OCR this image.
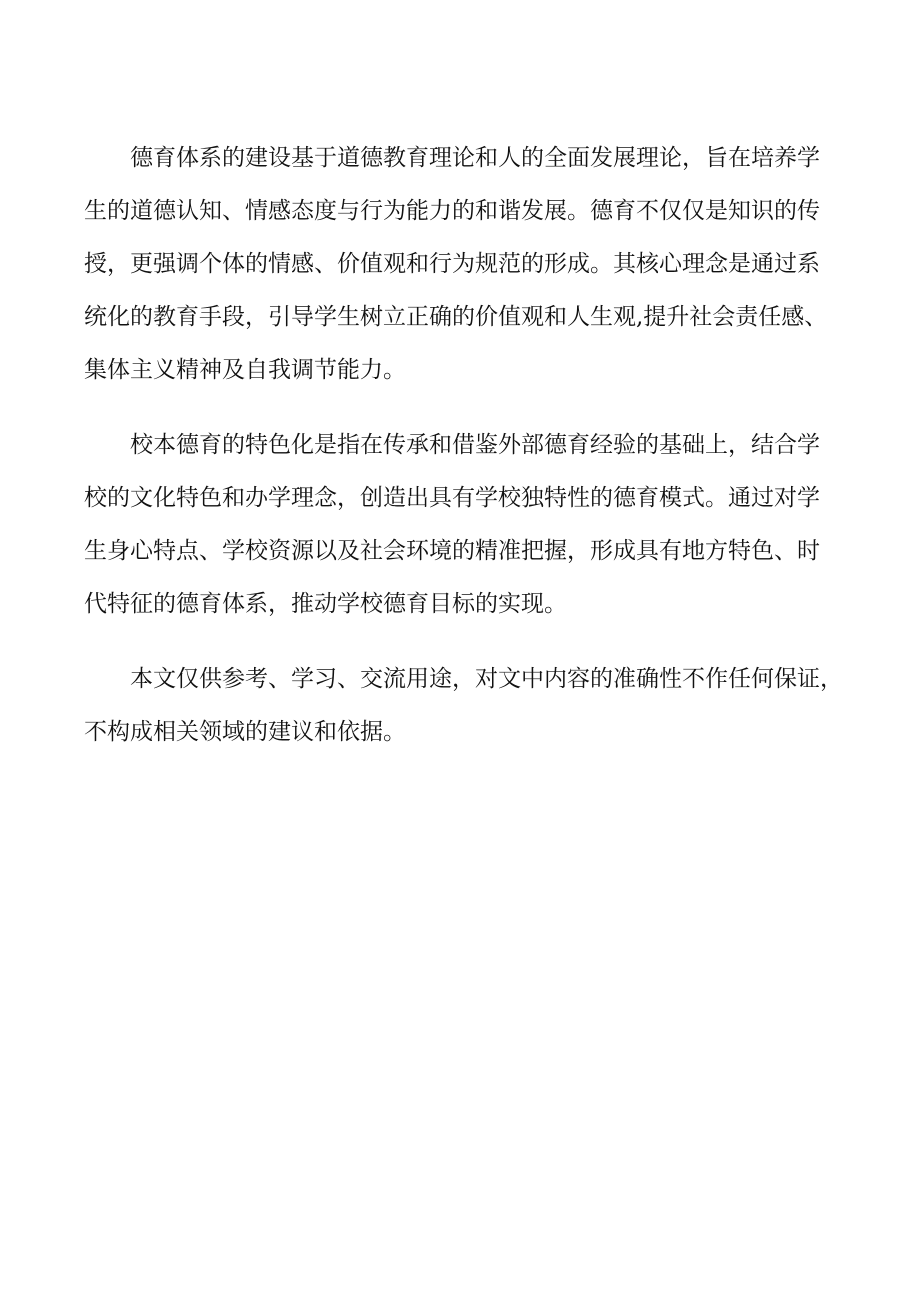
德育体系的建设基于道德教育理论和人的全面发展理论，旨在培养学
生的道德认知、情感态度与行为能力的和谐发展。德育不仅仅是知识的传
授，更强调个体的情感、价值观和行为规范的形成。其核心理念是通过系
统化的教育手段，引导学生树立正确的价值观和人生观,提升社会责任感、
集体主义精神及自我调节能力。

校本德育的特色化是指在传承和借鉴外部德育经验的基础上，结合学
校的文化特色和办学理念，创造出具有学校独特性的德育模式。通过对学
生身心特点、学校资源以及社会环境的精准把握，形成具有地方特色、时
代特征的德育体系，推动学校德育目标的实现。

本文仅供参考、学习、交流用途，对文中内容的准确性不作任何保证，
不构成相关领域的建议和依据。
